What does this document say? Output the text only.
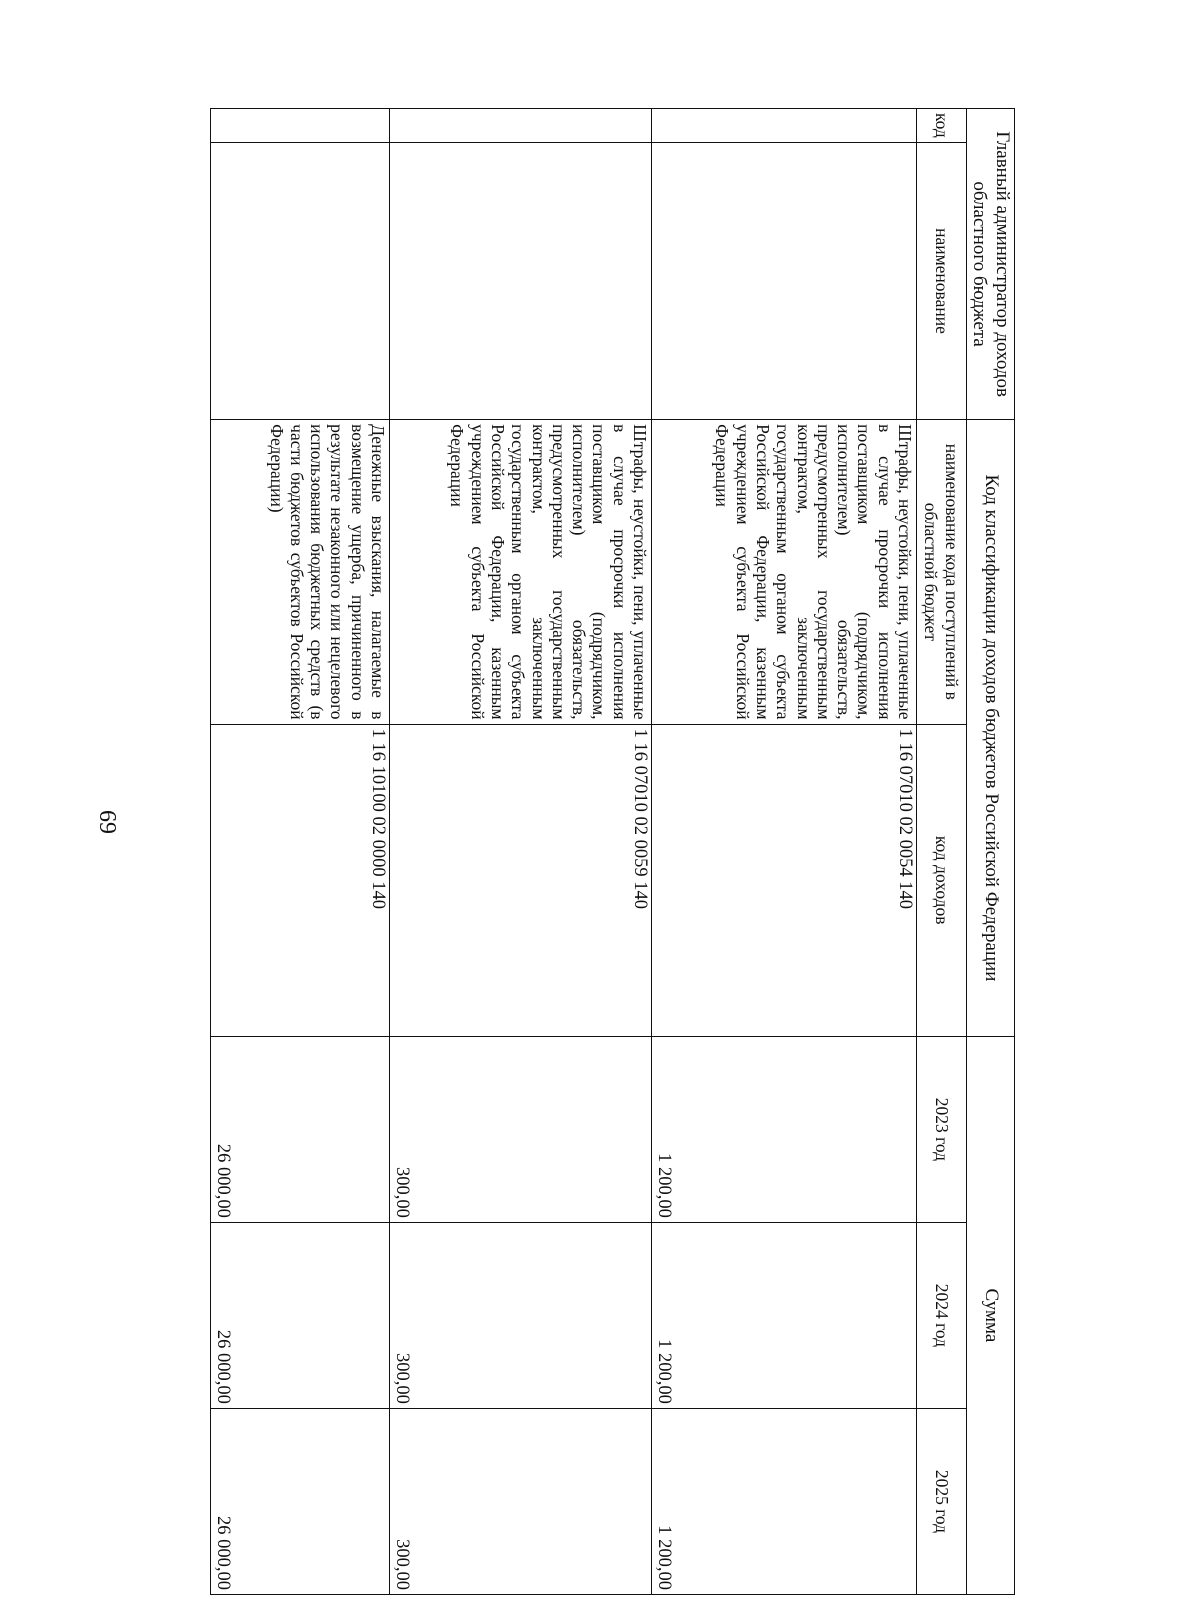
69
Главный администратор доходов областного бюджета		Код классификации доходов бюджетов Российской Федерации		Сумма		
код	наименование	наименование кода поступлений в областной бюджет	код доходов	2023 год	2024 год	2025 год
		Штрафы, неустойки, пени, уплаченные в случае просрочки исполнения поставщиком (подрядчиком, исполнителем) обязательств, предусмотренных государственным контрактом, заключенным государственным органом субъекта Российской Федерации, казенным учреждением субъекта Российской Федерации	1 16 07010 02 0054 140	1 200,00	1 200,00	1 200,00
		Штрафы, неустойки, пени, уплаченные в случае просрочки исполнения поставщиком (подрядчиком, исполнителем) обязательств, предусмотренных государственным контрактом, заключенным государственным органом субъекта Российской Федерации, казенным учреждением субъекта Российской Федерации	1 16 07010 02 0059 140	300,00	300,00	300,00
		Денежные взыскания, налагаемые в возмещение ущерба, причиненного в результате незаконного или нецелевого использования бюджетных средств (в части бюджетов субъектов Российской Федерации)	1 16 10100 02 0000 140	26 000,00	26 000,00	26 000,00
